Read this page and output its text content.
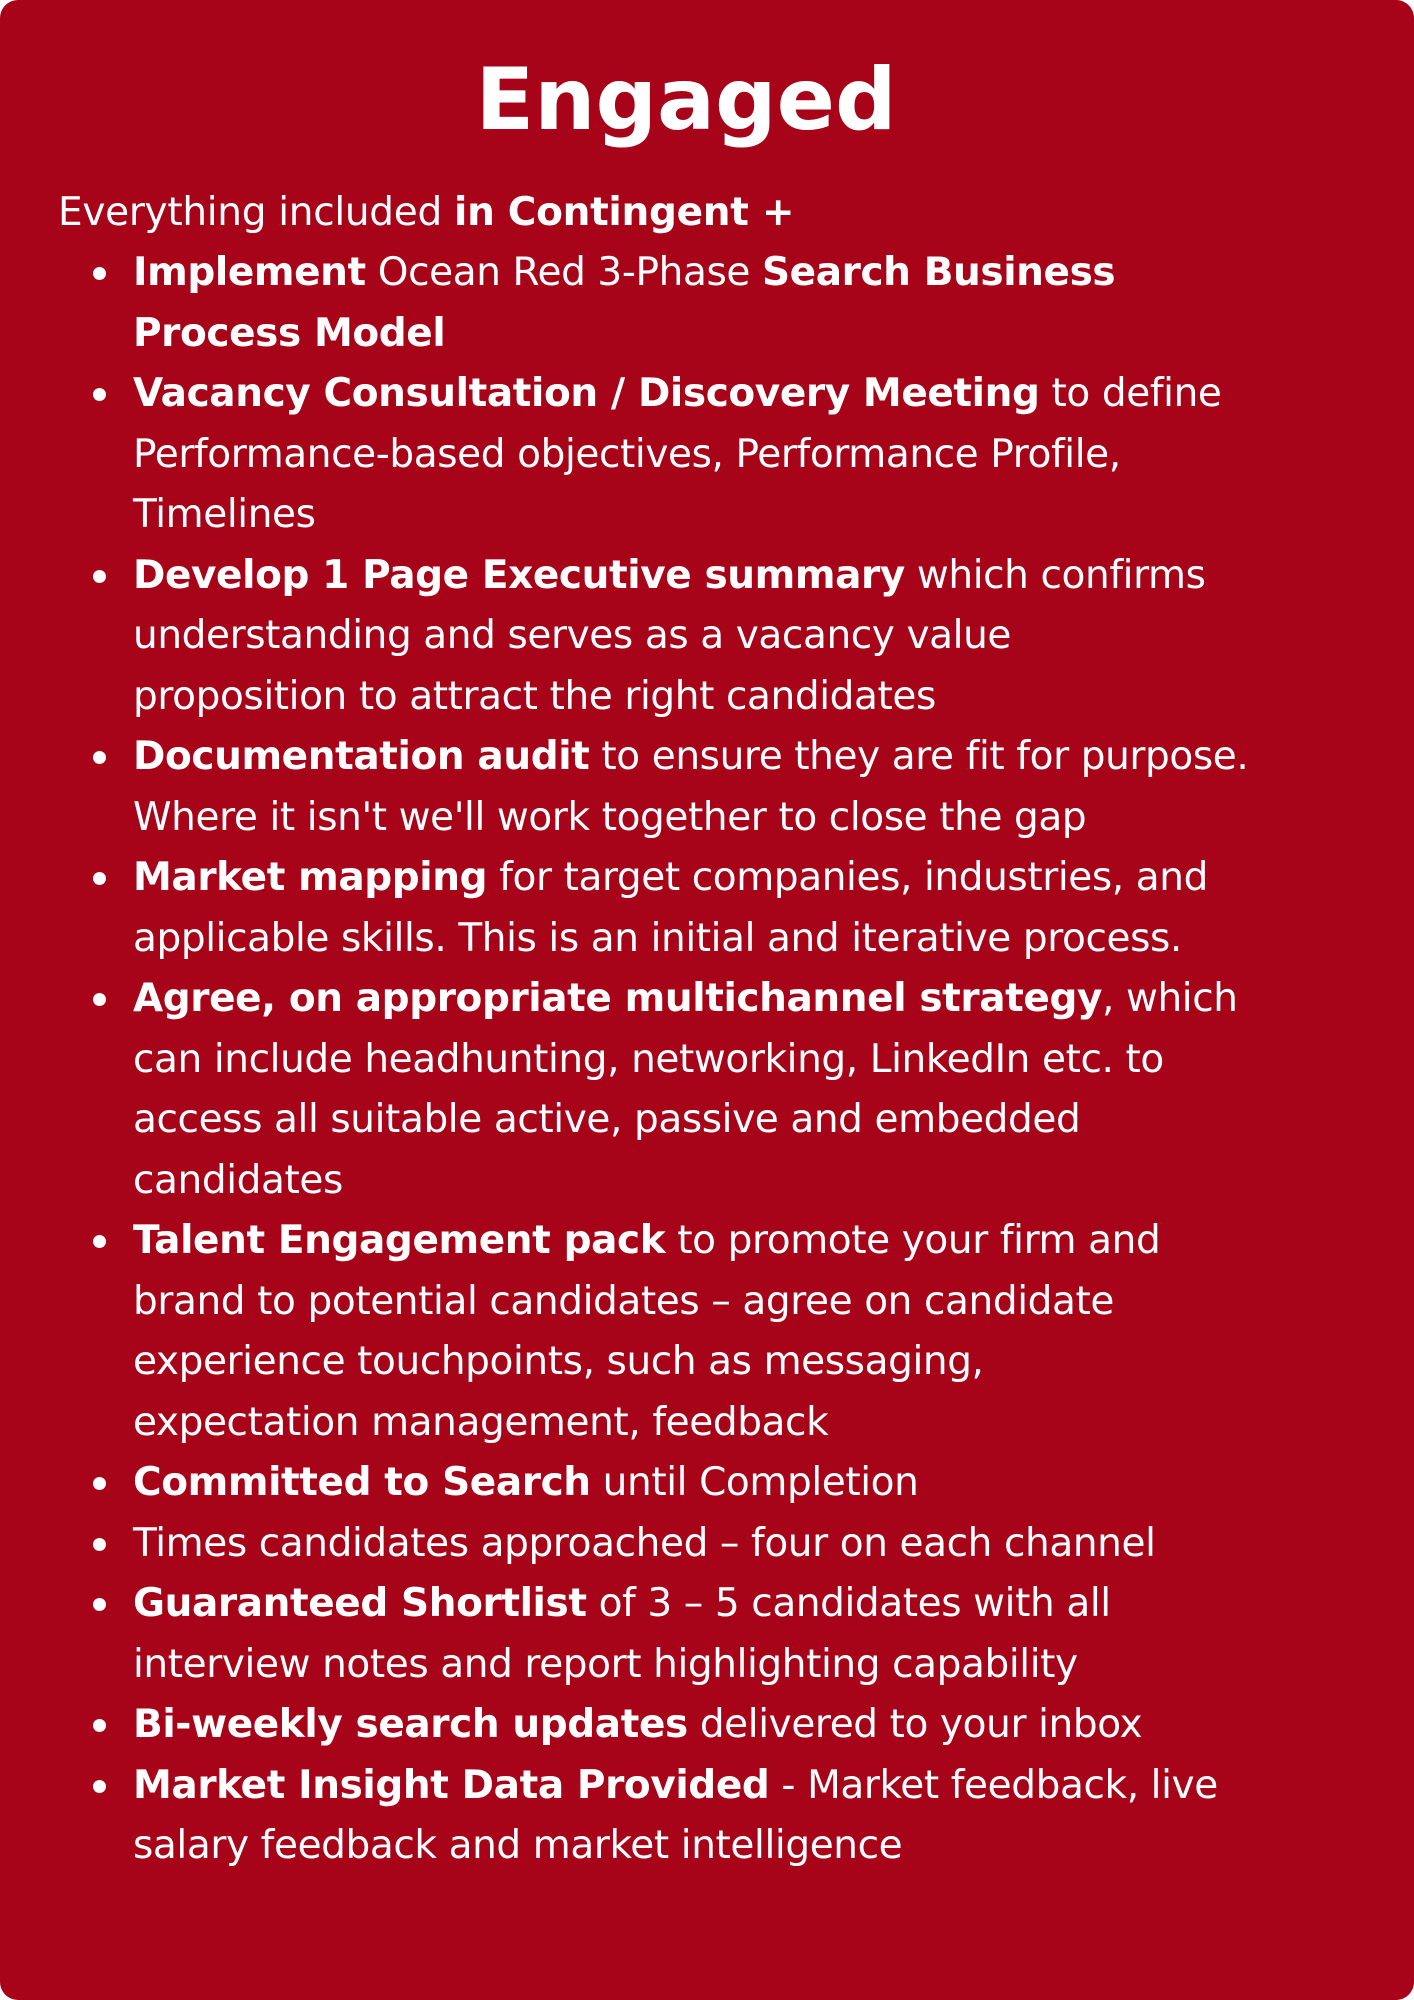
Engaged

Everything included in Contingent +

Implement Ocean Red 3-Phase Search Business
Process Model
Vacancy Consultation / Discovery Meeting to define
Performance-based objectives, Performance Profile,
Timelines
Develop 1 Page Executive summary which confirms
understanding and serves as a vacancy value
proposition to attract the right candidates
Documentation audit to ensure they are fit for purpose.
Where it isn't we'll work together to close the gap
Market mapping for target companies, industries, and
applicable skills. This is an initial and iterative process.
Agree, on appropriate multichannel strategy, which
can include headhunting, networking, LinkedIn etc. to
access all suitable active, passive and embedded
candidates
Talent Engagement pack to promote your firm and
brand to potential candidates – agree on candidate
experience touchpoints, such as messaging,
expectation management, feedback
Committed to Search until Completion
Times candidates approached – four on each channel
Guaranteed Shortlist of 3 – 5 candidates with all
interview notes and report highlighting capability
Bi-weekly search updates delivered to your inbox
Market Insight Data Provided - Market feedback, live
salary feedback and market intelligence
